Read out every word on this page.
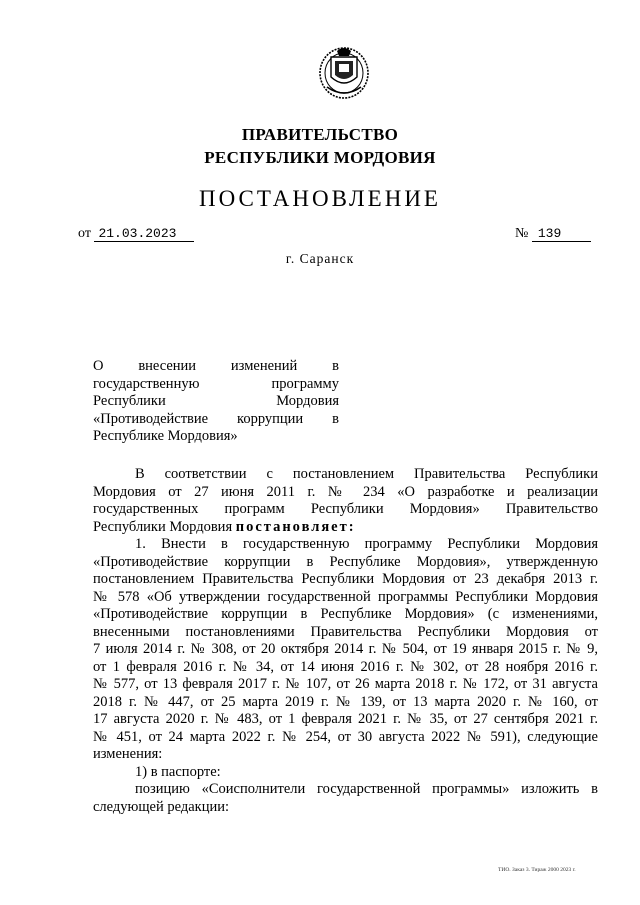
ПРАВИТЕЛЬСТВО
РЕСПУБЛИКИ МОРДОВИЯ
ПОСТАНОВЛЕНИЕ
от 21.03.2023	№ 139
г. Саранск
О внесении изменений в
государственную программу
Республики Мордовия
«Противодействие коррупции в
Республике Мордовия»
В соответствии с постановлением Правительства Республики
Мордовия от 27 июня 2011 г. № 234 «О разработке и реализации
государственных программ Республики Мордовия» Правительство
Республики Мордовия постановляет:
1. Внести в государственную программу Республики Мордовия
«Противодействие коррупции в Республике Мордовия», утвержденную
постановлением Правительства Республики Мордовия от 23 декабря 2013 г.
№ 578 «Об утверждении государственной программы Республики Мордовия
«Противодействие коррупции в Республике Мордовия» (с изменениями,
внесенными постановлениями Правительства Республики Мордовия от
7 июля 2014 г. № 308, от 20 октября 2014 г. № 504, от 19 января 2015 г. № 9,
от 1 февраля 2016 г. № 34, от 14 июня 2016 г. № 302, от 28 ноября 2016 г.
№ 577, от 13 февраля 2017 г. № 107, от 26 марта 2018 г. № 172, от 31 августа
2018 г. № 447, от 25 марта 2019 г. № 139, от 13 марта 2020 г. № 160, от
17 августа 2020 г. № 483, от 1 февраля 2021 г. № 35, от 27 сентября 2021 г.
№ 451, от 24 марта 2022 г. № 254, от 30 августа 2022 № 591), следующие
изменения:
1) в паспорте:
позицию «Соисполнители государственной программы» изложить в
следующей редакции:
ТИО. Заказ 3. Тираж 2000 2023 г.
